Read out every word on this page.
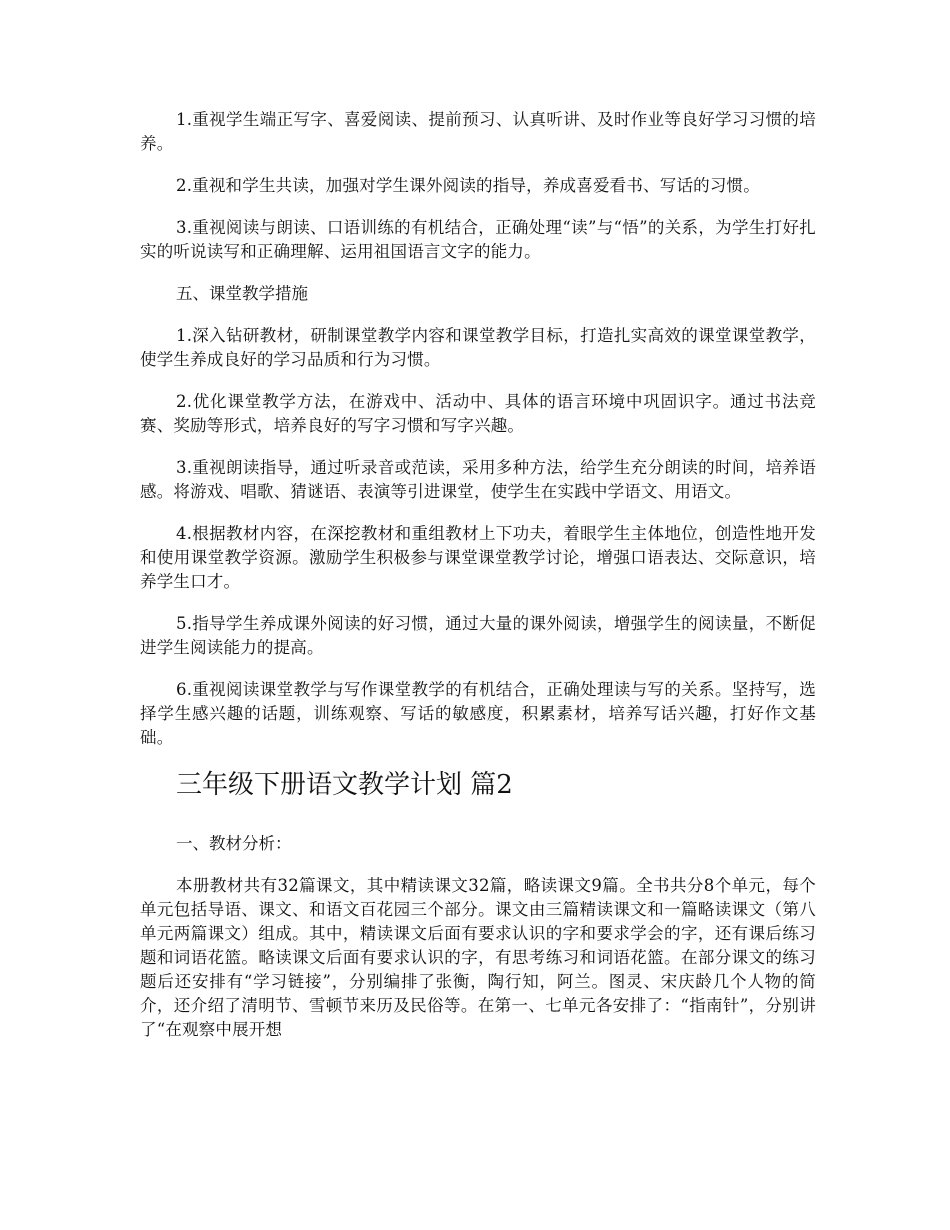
1.重视学生端正写字、喜爱阅读、提前预习、认真听讲、及时作业等良好学习习惯的培养。

2.重视和学生共读，加强对学生课外阅读的指导，养成喜爱看书、写话的习惯。

3.重视阅读与朗读、口语训练的有机结合，正确处理“读”与“悟”的关系，为学生打好扎实的听说读写和正确理解、运用祖国语言文字的能力。

五、课堂教学措施

1.深入钻研教材，研制课堂教学内容和课堂教学目标，打造扎实高效的课堂课堂教学，使学生养成良好的学习品质和行为习惯。

2.优化课堂教学方法，在游戏中、活动中、具体的语言环境中巩固识字。通过书法竞赛、奖励等形式，培养良好的写字习惯和写字兴趣。

3.重视朗读指导，通过听录音或范读，采用多种方法，给学生充分朗读的时间，培养语感。将游戏、唱歌、猜谜语、表演等引进课堂，使学生在实践中学语文、用语文。

4.根据教材内容，在深挖教材和重组教材上下功夫，着眼学生主体地位，创造性地开发和使用课堂教学资源。激励学生积极参与课堂课堂教学讨论，增强口语表达、交际意识，培养学生口才。

5.指导学生养成课外阅读的好习惯，通过大量的课外阅读，增强学生的阅读量，不断促进学生阅读能力的提高。

6.重视阅读课堂教学与写作课堂教学的有机结合，正确处理读与写的关系。坚持写，选择学生感兴趣的话题，训练观察、写话的敏感度，积累素材，培养写话兴趣，打好作文基础。

三年级下册语文教学计划 篇2

一、教材分析：

本册教材共有32篇课文，其中精读课文32篇，略读课文9篇。全书共分8个单元，每个单元包括导语、课文、和语文百花园三个部分。课文由三篇精读课文和一篇略读课文（第八单元两篇课文）组成。其中，精读课文后面有要求认识的字和要求学会的字，还有课后练习题和词语花篮。略读课文后面有要求认识的字，有思考练习和词语花篮。在部分课文的练习题后还安排有“学习链接”，分别编排了张衡，陶行知，阿兰。图灵、宋庆龄几个人物的简介，还介绍了清明节、雪顿节来历及民俗等。在第一、七单元各安排了：“指南针”，分别讲了“在观察中展开想
